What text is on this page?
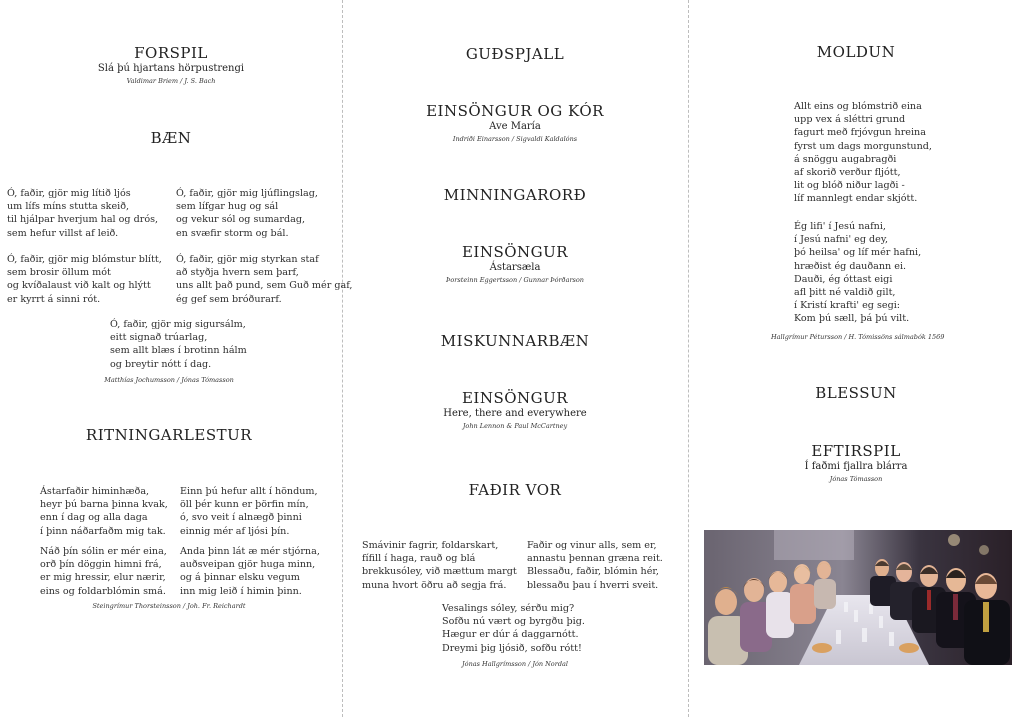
FORSPIL
Slá þú hjartans hörpustrengi
Valdimar Briem / J. S. Bach
BÆN
Ó, faðir, gjör mig lítið ljós
um lífs míns stutta skeið,
til hjálpar hverjum hal og drós,
sem hefur villst af leið.
Ó, faðir, gjör mig ljúflingslag,
sem lífgar hug og sál
og vekur sól og sumardag,
en svæfir storm og bál.
Ó, faðir, gjör mig blómstur blítt,
sem brosir öllum mót
og kvíðalaust við kalt og hlýtt
er kyrrt á sinni rót.
Ó, faðir, gjör mig styrkan staf
að styðja hvern sem þarf,
uns allt það pund, sem Guð mér gaf,
ég gef sem bróðurarf.
Ó, faðir, gjör mig sigursálm,
eitt signað trúarlag,
sem allt blæs í brotinn hálm
og breytir nótt í dag.
Matthías Jochumsson / Jónas Tómasson
RITNINGARLESTUR
Ástarfaðir himinhæða,
heyr þú barna þinna kvak,
enn í dag og alla daga
í þinn náðarfaðm mig tak.
Einn þú hefur allt í höndum,
öll þér kunn er þörfin mín,
ó, svo veit í alnægð þinni
einnig mér af ljósi þín.
Náð þín sólin er mér eina,
orð þín döggin himni frá,
er mig hressir, elur nærir,
eins og foldarblómin smá.
Anda þinn lát æ mér stjórna,
auðsveipan gjör huga minn,
og á þinnar elsku vegum
inn mig leið í himin þinn.
Steingrímur Thorsteinsson / Joh. Fr. Reichardt
GUÐSPJALL
EINSÖNGUR OG KÓR
Ave María
Indriði Einarsson / Sigvaldi Kaldalóns
MINNINGARORÐ
EINSÖNGUR
Ástarsæla
Þorsteinn Eggertsson / Gunnar Þórðarson
MISKUNNARBÆN
EINSÖNGUR
Here, there and everywhere
John Lennon & Paul McCartney
FAÐIR VOR
Smávinir fagrir, foldarskart,
fífill í haga, rauð og blá
brekkusóley, við mættum margt
muna hvort öðru að segja frá.
Faðir og vinur alls, sem er,
annastu þennan græna reit.
Blessaðu, faðir, blómin hér,
blessaðu þau í hverri sveit.
Vesalings sóley, sérðu mig?
Sofðu nú vært og byrgðu þig.
Hægur er dúr á daggarnótt.
Dreymi þig ljósið, sofðu rótt!
Jónas Hallgrímsson / Jón Nordal
MOLDUN
Allt eins og blómstrið eina
upp vex á sléttri grund
fagurt með frjóvgun hreina
fyrst um dags morgunstund,
á snöggu augabragði
af skorið verður fljótt,
lit og blóð niður lagði -
líf mannlegt endar skjótt.
Ég lifi' í Jesú nafni,
í Jesú nafni' eg dey,
þó heilsa' og líf mér hafni,
hræðist ég dauðann ei.
Dauði, ég óttast eigi
afl þitt né valdið gilt,
í Kristí krafti' eg segi:
Kom þú sæll, þá þú vilt.
Hallgrímur Pétursson / H. Tómissöns sálmabók 1569
BLESSUN
EFTIRSPIL
Í faðmi fjallra blárra
Jónas Tómasson
